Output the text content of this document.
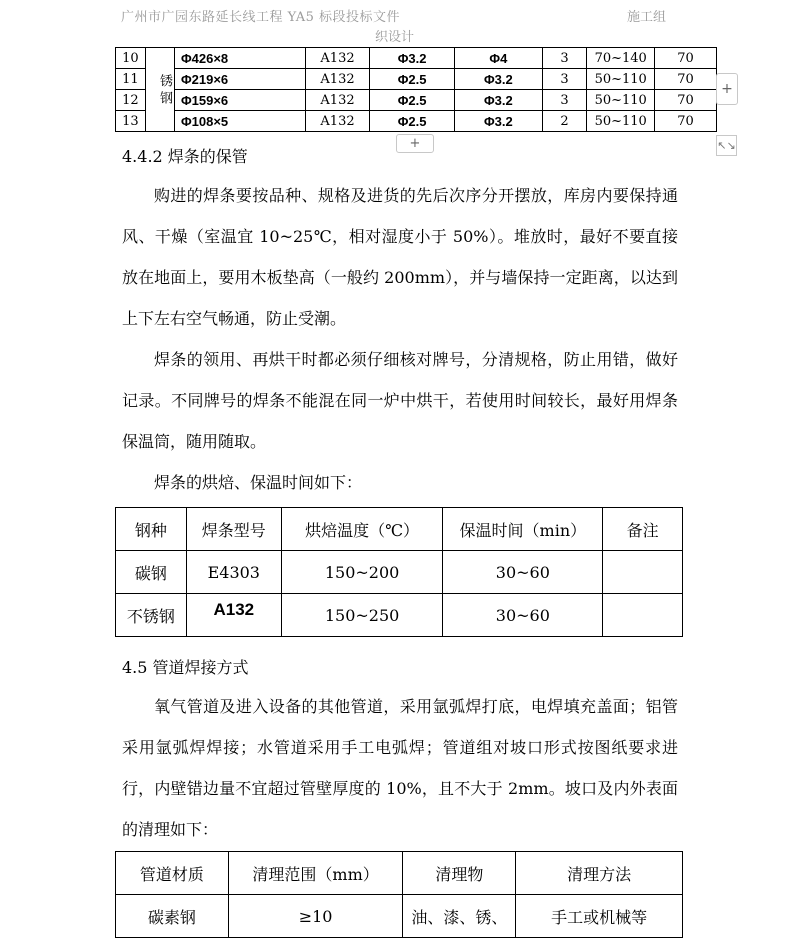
广州市广园东路延长线工程 YA5 标段投标文件	施工组
织设计
10	锈钢	Φ426×8	A132	Φ3.2	Φ4	3	70~140	70
11		Φ219×6	A132	Φ2.5	Φ3.2	3	50~110	70
12		Φ159×6	A132	Φ2.5	Φ3.2	3	50~110	70
13		Φ108×5	A132	Φ2.5	Φ3.2	2	50~110	70
+
+	↖↘
4.4.2 焊条的保管

购进的焊条要按品种、规格及进货的先后次序分开摆放，库房内要保持通风、干燥（室温宜 10~25℃，相对湿度小于 50%）。堆放时，最好不要直接放在地面上，要用木板垫高（一般约 200mm），并与墙保持一定距离，以达到上下左右空气畅通，防止受潮。

焊条的领用、再烘干时都必须仔细核对牌号，分清规格，防止用错，做好记录。不同牌号的焊条不能混在同一炉中烘干，若使用时间较长，最好用焊条保温筒，随用随取。

焊条的烘焙、保温时间如下：

钢种	焊条型号	烘焙温度（℃）	保温时间（min）	备注
碳钢	E4303	150~200	30~60	
不锈钢	A132	150~250	30~60	
4.5 管道焊接方式

氧气管道及进入设备的其他管道，采用氩弧焊打底，电焊填充盖面；铝管采用氩弧焊焊接；水管道采用手工电弧焊；管道组对坡口形式按图纸要求进行，内壁错边量不宜超过管壁厚度的 10%，且不大于 2mm。坡口及内外表面的清理如下：

管道材质	清理范围（mm）	清理物	清理方法
碳素钢	≥10	油、漆、锈、	手工或机械等
